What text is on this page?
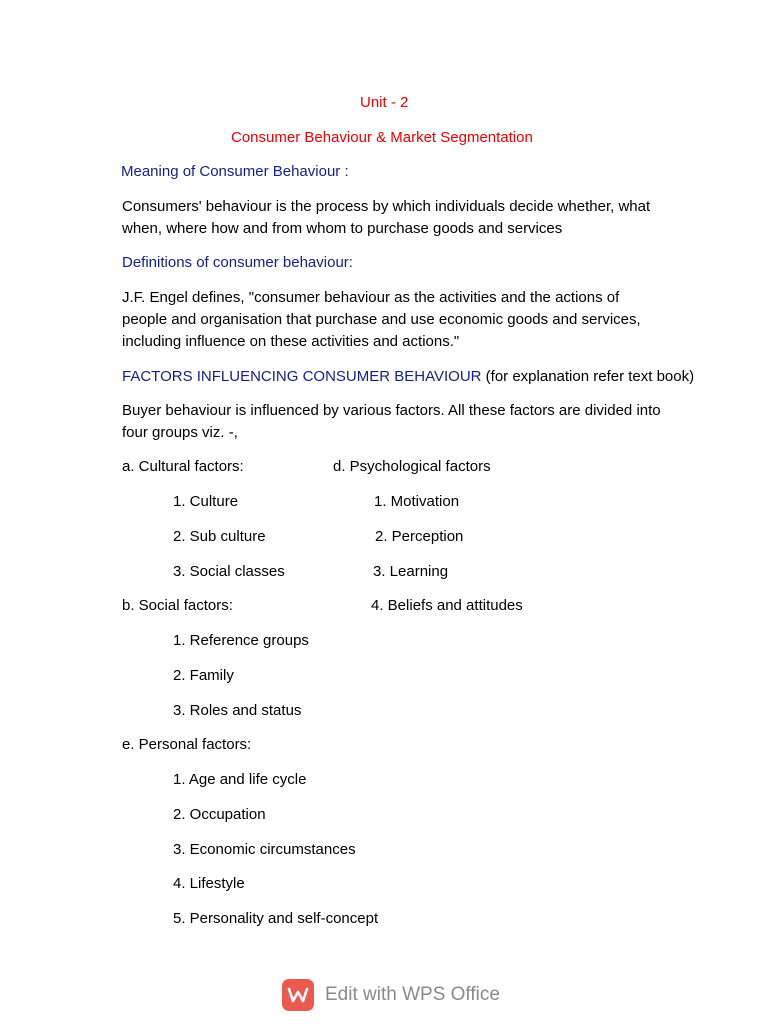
Unit - 2
Consumer Behaviour & Market Segmentation
Meaning of Consumer Behaviour :
Consumers' behaviour is the process by which individuals decide whether, what when, where how and from whom to purchase goods and services
Definitions of consumer behaviour:
J.F. Engel defines, "consumer behaviour as the activities and the actions of people and organisation that purchase and use economic goods and services, including influence on these activities and actions."
FACTORS INFLUENCING CONSUMER BEHAVIOUR (for explanation refer text book)
Buyer behaviour is influenced by various factors. All these factors are divided into four groups viz. -,
a. Cultural factors:
1. Culture
2. Sub culture
3. Social classes
d. Psychological factors
1. Motivation
2. Perception
3. Learning
4. Beliefs and attitudes
b. Social factors:
1. Reference groups
2. Family
3. Roles and status
e. Personal factors:
1. Age and life cycle
2. Occupation
3. Economic circumstances
4. Lifestyle
5. Personality and self-concept
Edit with WPS Office
